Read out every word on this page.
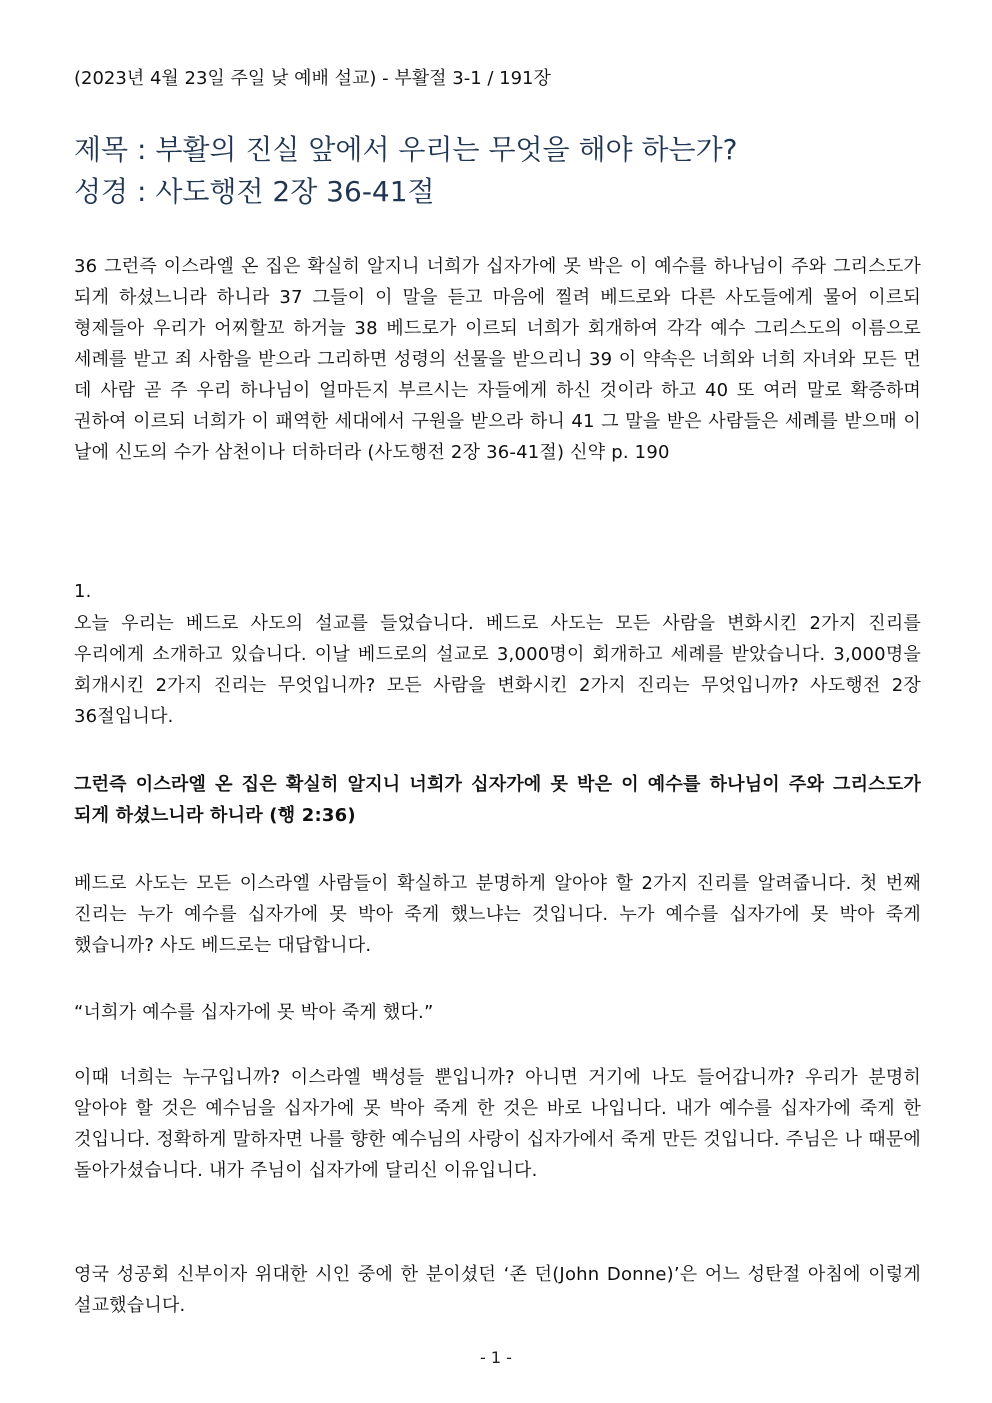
(2023년 4월 23일 주일 낮 예배 설교) - 부활절 3-1 / 191장
제목 : 부활의 진실 앞에서 우리는 무엇을 해야 하는가?
성경 : 사도행전 2장 36-41절
36 그런즉 이스라엘 온 집은 확실히 알지니 너희가 십자가에 못 박은 이 예수를 하나님이 주와 그리스도가 되게 하셨느니라 하니라 37 그들이 이 말을 듣고 마음에 찔려 베드로와 다른 사도들에게 물어 이르되 형제들아 우리가 어찌할꼬 하거늘 38 베드로가 이르되 너희가 회개하여 각각 예수 그리스도의 이름으로 세례를 받고 죄 사함을 받으라 그리하면 성령의 선물을 받으리니 39 이 약속은 너희와 너희 자녀와 모든 먼 데 사람 곧 주 우리 하나님이 얼마든지 부르시는 자들에게 하신 것이라 하고 40 또 여러 말로 확증하며 권하여 이르되 너희가 이 패역한 세대에서 구원을 받으라 하니 41 그 말을 받은 사람들은 세례를 받으매 이 날에 신도의 수가 삼천이나 더하더라 (사도행전 2장 36-41절) 신약 p. 190
1.
오늘 우리는 베드로 사도의 설교를 들었습니다. 베드로 사도는 모든 사람을 변화시킨 2가지 진리를 우리에게 소개하고 있습니다. 이날 베드로의 설교로 3,000명이 회개하고 세례를 받았습니다. 3,000명을 회개시킨 2가지 진리는 무엇입니까? 모든 사람을 변화시킨 2가지 진리는 무엇입니까? 사도행전 2장 36절입니다.
그런즉 이스라엘 온 집은 확실히 알지니 너희가 십자가에 못 박은 이 예수를 하나님이 주와 그리스도가 되게 하셨느니라 하니라 (행 2:36)
베드로 사도는 모든 이스라엘 사람들이 확실하고 분명하게 알아야 할 2가지 진리를 알려줍니다. 첫 번째 진리는 누가 예수를 십자가에 못 박아 죽게 했느냐는 것입니다. 누가 예수를 십자가에 못 박아 죽게 했습니까? 사도 베드로는 대답합니다.
“너희가 예수를 십자가에 못 박아 죽게 했다.”
이때 너희는 누구입니까? 이스라엘 백성들 뿐입니까? 아니면 거기에 나도 들어갑니까? 우리가 분명히 알아야 할 것은 예수님을 십자가에 못 박아 죽게 한 것은 바로 나입니다. 내가 예수를 십자가에 죽게 한 것입니다. 정확하게 말하자면 나를 향한 예수님의 사랑이 십자가에서 죽게 만든 것입니다. 주님은 나 때문에 돌아가셨습니다. 내가 주님이 십자가에 달리신 이유입니다.
영국 성공회 신부이자 위대한 시인 중에 한 분이셨던 ‘존 던(John Donne)’은 어느 성탄절 아침에 이렇게 설교했습니다.
- 1 -
